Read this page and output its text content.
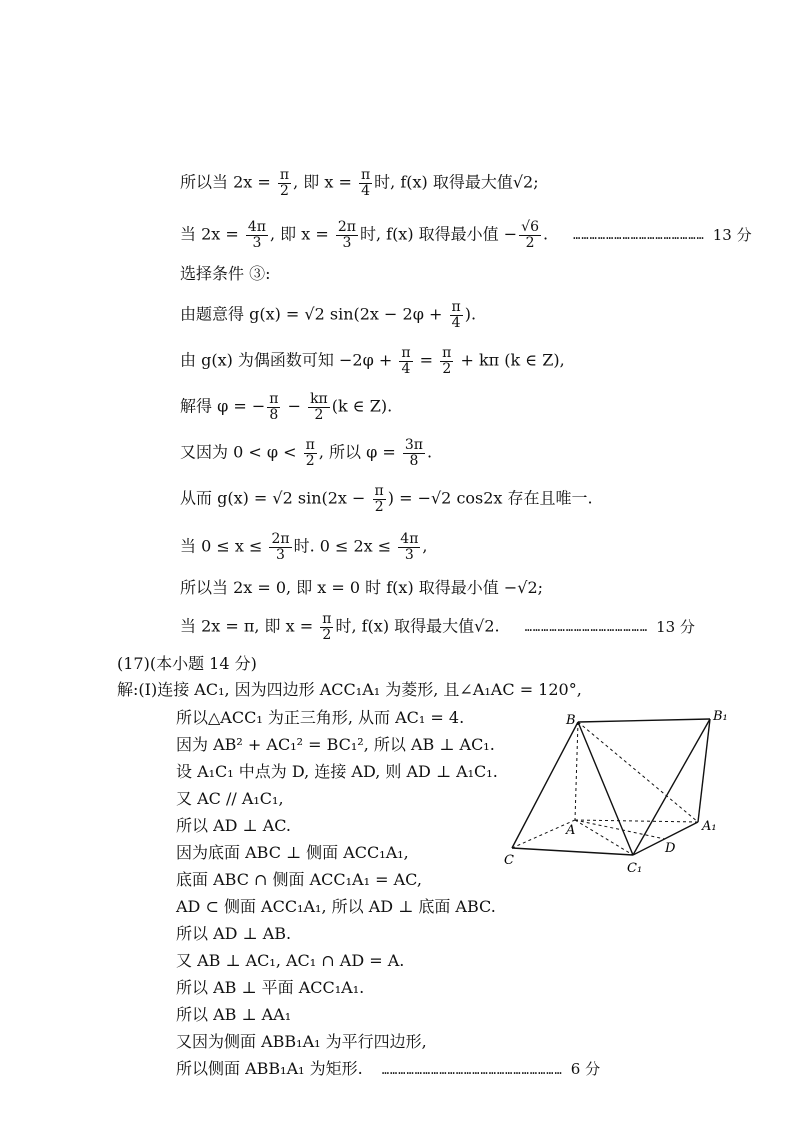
所以当 $2x = \frac{\pi}{2}$ , 即 $x = \frac{\pi}{4}$ 时, f(x) 取得最大值√2;
当 $2x = \frac{4\pi}{3}$ , 即 $x = \frac{2\pi}{3}$ 时, f(x) 取得最小值 − $\frac{√6}{2}$ . ………………………………………… 13 分
选择条件 ③:
由题意得 g(x) = √2 $\sin(2x - 2\varphi + \frac{\pi}{4}$ ).
由 g(x) 为偶函数可知 $-2\varphi + \frac{\pi}{4} = \frac{\pi}{2} + k\pi$ (k ∈ Z),
解得 φ = − $\frac{\pi}{8} - \frac{k\pi}{2} (k$ ∈ Z).
又因为 $0 < \varphi < \frac{\pi}{2}$ , 所以 $\varphi = \frac{3\pi}{8}$ .
从而 g(x) = √2 $\sin(2x - \frac{\pi}{2}$ ) = −√2 cos2x 存在且唯一.
当 $0 \le x \le \frac{2\pi}{3}$ 时. $0 \le 2x \le \frac{4\pi}{3}$ ,
所以当 2x = 0, 即 x = 0 时 f(x) 取得最小值 −√2;
当 2x = π, 即 $x = \frac{\pi}{2}$ 时, f(x) 取得最大值√2. ……………………………………… 13 分
(17)(本小题 14 分)
解:(Ⅰ)连接 AC₁, 因为四边形 ACC₁A₁ 为菱形, 且∠A₁AC = 120°,
所以△ACC₁ 为正三角形, 从而 AC₁ = 4.
因为 AB² + AC₁² = BC₁², 所以 AB ⊥ AC₁.
设 A₁C₁ 中点为 D, 连接 AD, 则 AD ⊥ A₁C₁.
又 AC // A₁C₁,
所以 AD ⊥ AC.
因为底面 ABC ⊥ 侧面 ACC₁A₁,
底面 ABC ∩ 侧面 ACC₁A₁ = AC,
AD ⊂ 侧面 ACC₁A₁, 所以 AD ⊥ 底面 ABC.
所以 AD ⊥ AB.
又 AB ⊥ AC₁, AC₁ ∩ AD = A.
所以 AB ⊥ 平面 ACC₁A₁.
所以 AB ⊥ AA₁
又因为侧面 ABB₁A₁ 为平行四边形,
所以侧面 ABB₁A₁ 为矩形. ………………………………………………………… 6 分
B	B₁
A	A₁
C
C₁
D
